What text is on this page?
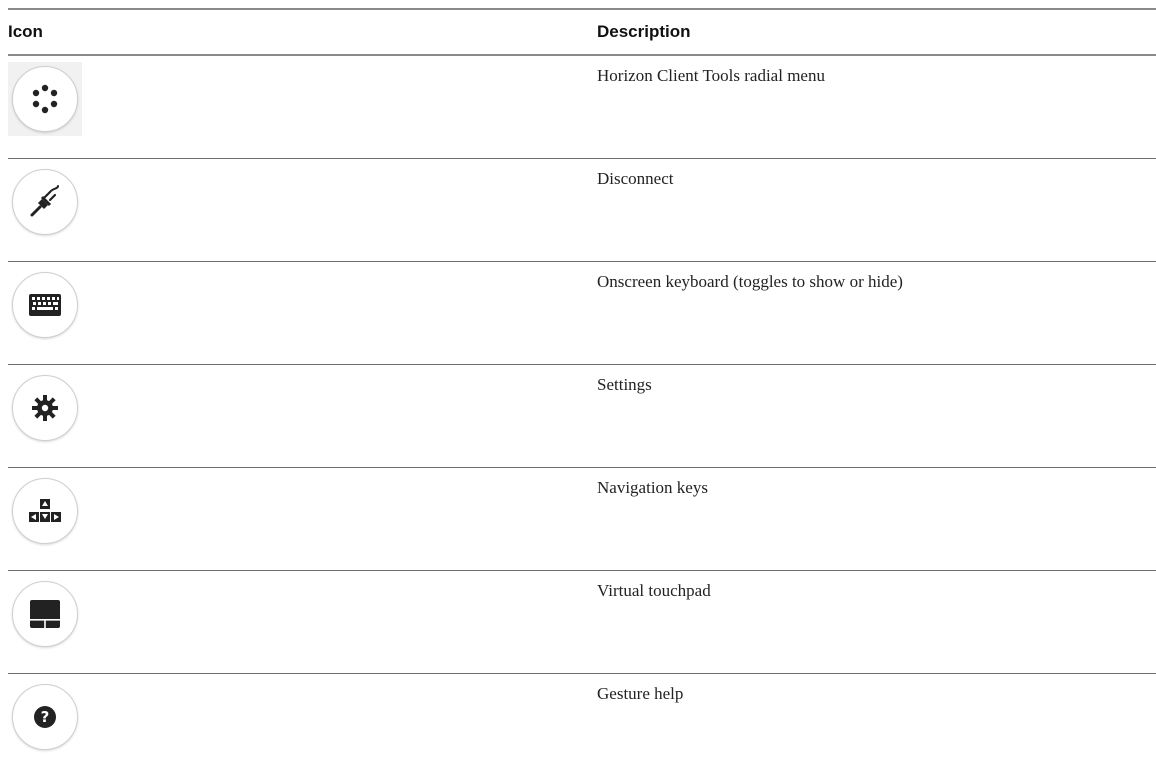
Icon	Description
Horizon Client Tools radial menu
Disconnect
Onscreen keyboard (toggles to show or hide)
Settings
Navigation keys
Virtual touchpad
?
Gesture help
